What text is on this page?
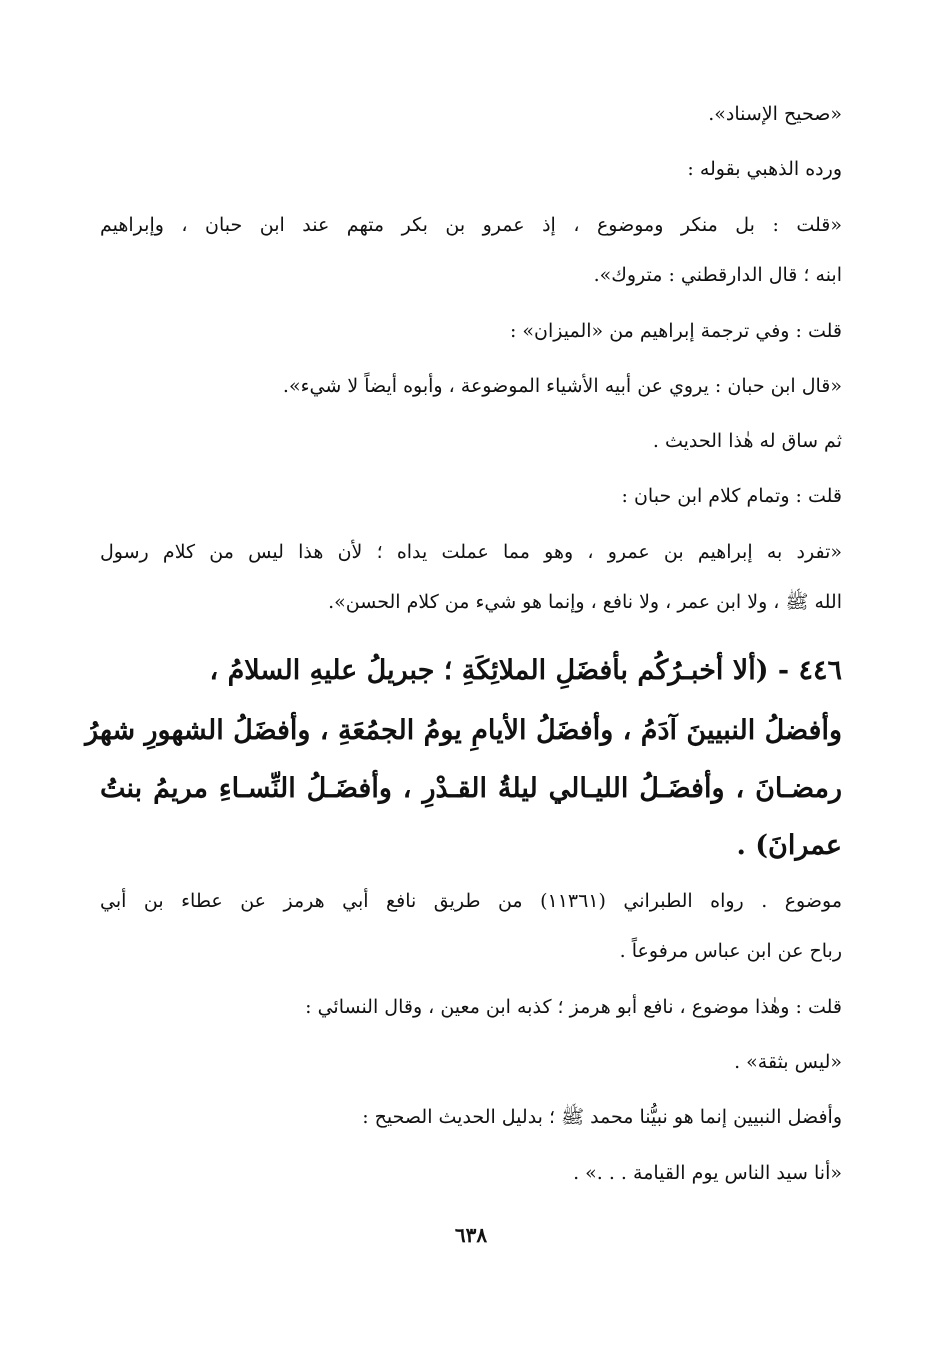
«صحيح الإسناد».
ورده الذهبي بقوله :
«قلت : بل منكر وموضوع ، إذ عمرو بن بكر متهم عند ابن حبان ، وإبراهيم
ابنه ؛ قال الدارقطني : متروك».
قلت : وفي ترجمة إبراهيم من «الميزان» :
«قال ابن حبان : يروي عن أبيه الأشياء الموضوعة ، وأبوه أيضاً لا شيء».
ثم ساق له هٰذا الحديث .
قلت : وتمام كلام ابن حبان :
«تفرد به إبراهيم بن عمرو ، وهو مما عملت يداه ؛ لأن هذا ليس من كلام رسول
الله ﷺ ، ولا ابن عمر ، ولا نافع ، وإنما هو شيء من كلام الحسن».
٤٤٦ - (ألا أخبـرُكُم بأفضَلِ الملائِكَةِ ؛ جبريلُ عليهِ السلامُ ،
وأفضلُ النبيينَ آدَمُ ، وأفضَلُ الأيامِ يومُ الجمُعَةِ ، وأفضَلُ الشهورِ شهرُ
رمضـانَ ، وأفضَـلُ الليـالي ليلةُ القـدْرِ ، وأفضَـلُ النِّسـاءِ مريمُ بنتُ
عمرانَ) .
موضوع . رواه الطبراني (١١٣٦١) من طريق نافع أبي هرمز عن عطاء بن أبي
رباح عن ابن عباس مرفوعاً .
قلت : وهٰذا موضوع ، نافع أبو هرمز ؛ كذبه ابن معين ، وقال النسائي :
«ليس بثقة» .
وأفضل النبيين إنما هو نبيُّنا محمد ﷺ ؛ بدليل الحديث الصحيح :
«أنا سيد الناس يوم القيامة . . .» .
٦٣٨
